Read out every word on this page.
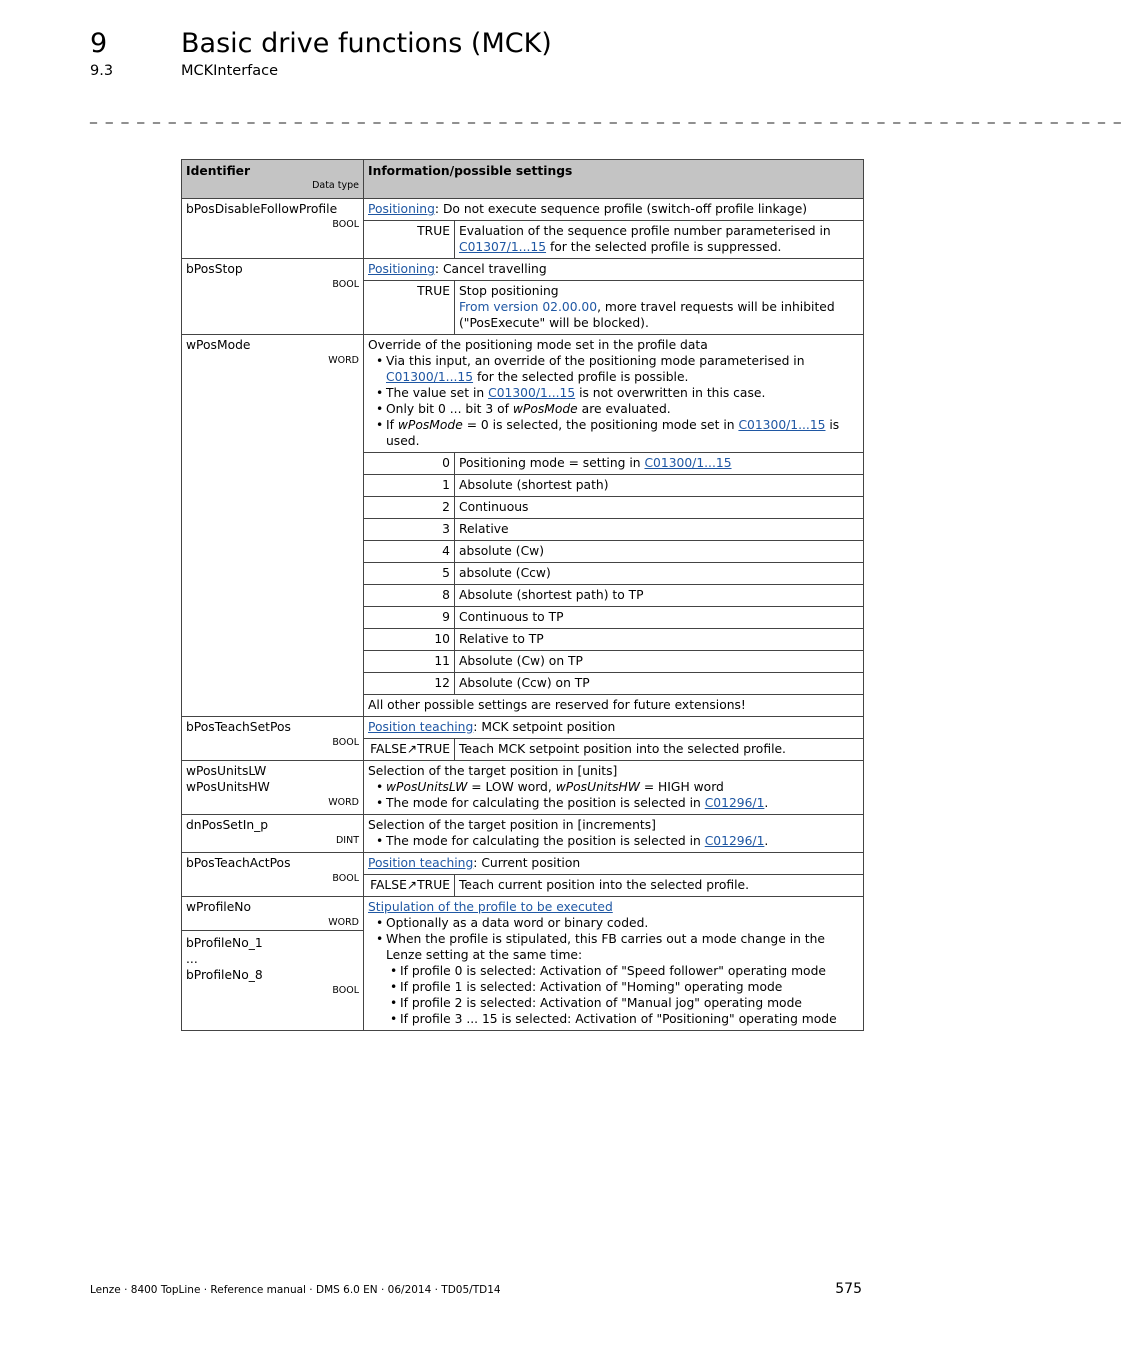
9	Basic drive functions (MCK)
9.3	MCKInterface
_ _ _ _ _ _ _ _ _ _ _ _ _ _ _ _ _ _ _ _ _ _ _ _ _ _ _ _ _ _ _ _ _ _ _ _ _ _ _ _ _ _ _ _ _ _ _ _ _ _ _ _ _ _ _ _ _ _ _ _ _ _ _ _ _ _
Identifier
Data type
	Information/possible settings

bPosDisableFollowProfile
BOOL

Positioning: Do not execute sequence profile (switch-off profile linkage)
TRUE	Evaluation of the sequence profile number parameterised in C01307/1...15 for the selected profile is suppressed.

bPosStop
BOOL

Positioning: Cancel travelling
TRUE	Stop positioning
From version 02.00.00, more travel requests will be inhibited ("PosExecute" will be blocked).

wPosMode
WORD

Override of the positioning mode set in the profile data
• Via this input, an override of the positioning mode parameterised in C01300/1...15 for the selected profile is possible.
• The value set in C01300/1...15 is not overwritten in this case.
• Only bit 0 ... bit 3 of wPosMode are evaluated.
• If wPosMode = 0 is selected, the positioning mode set in C01300/1...15 is used.
0	Positioning mode = setting in C01300/1...15
1	Absolute (shortest path)
2	Continuous
3	Relative
4	absolute (Cw)
5	absolute (Ccw)
8	Absolute (shortest path) to TP
9	Continuous to TP
10	Relative to TP
11	Absolute (Cw) on TP
12	Absolute (Ccw) on TP
All other possible settings are reserved for future extensions!

bPosTeachSetPos
BOOL

Position teaching: MCK setpoint position
FALSE↗TRUE	Teach MCK setpoint position into the selected profile.

wPosUnitsLW
wPosUnitsHW
WORD

Selection of the target position in [units]
• wPosUnitsLW = LOW word, wPosUnitsHW = HIGH word
• The mode for calculating the position is selected in C01296/1.

dnPosSetIn_p
DINT

Selection of the target position in [increments]
• The mode for calculating the position is selected in C01296/1.

bPosTeachActPos
BOOL

Position teaching: Current position
FALSE↗TRUE	Teach current position into the selected profile.

wProfileNo
WORD
bProfileNo_1
...
bProfileNo_8
BOOL

Stipulation of the profile to be executed
• Optionally as a data word or binary coded.
• When the profile is stipulated, this FB carries out a mode change in the Lenze setting at the same time:
• If profile 0 is selected: Activation of "Speed follower" operating mode
• If profile 1 is selected: Activation of "Homing" operating mode
• If profile 2 is selected: Activation of "Manual jog" operating mode
• If profile 3 ... 15 is selected: Activation of "Positioning" operating mode
Lenze · 8400 TopLine · Reference manual · DMS 6.0 EN · 06/2014 · TD05/TD14	575
